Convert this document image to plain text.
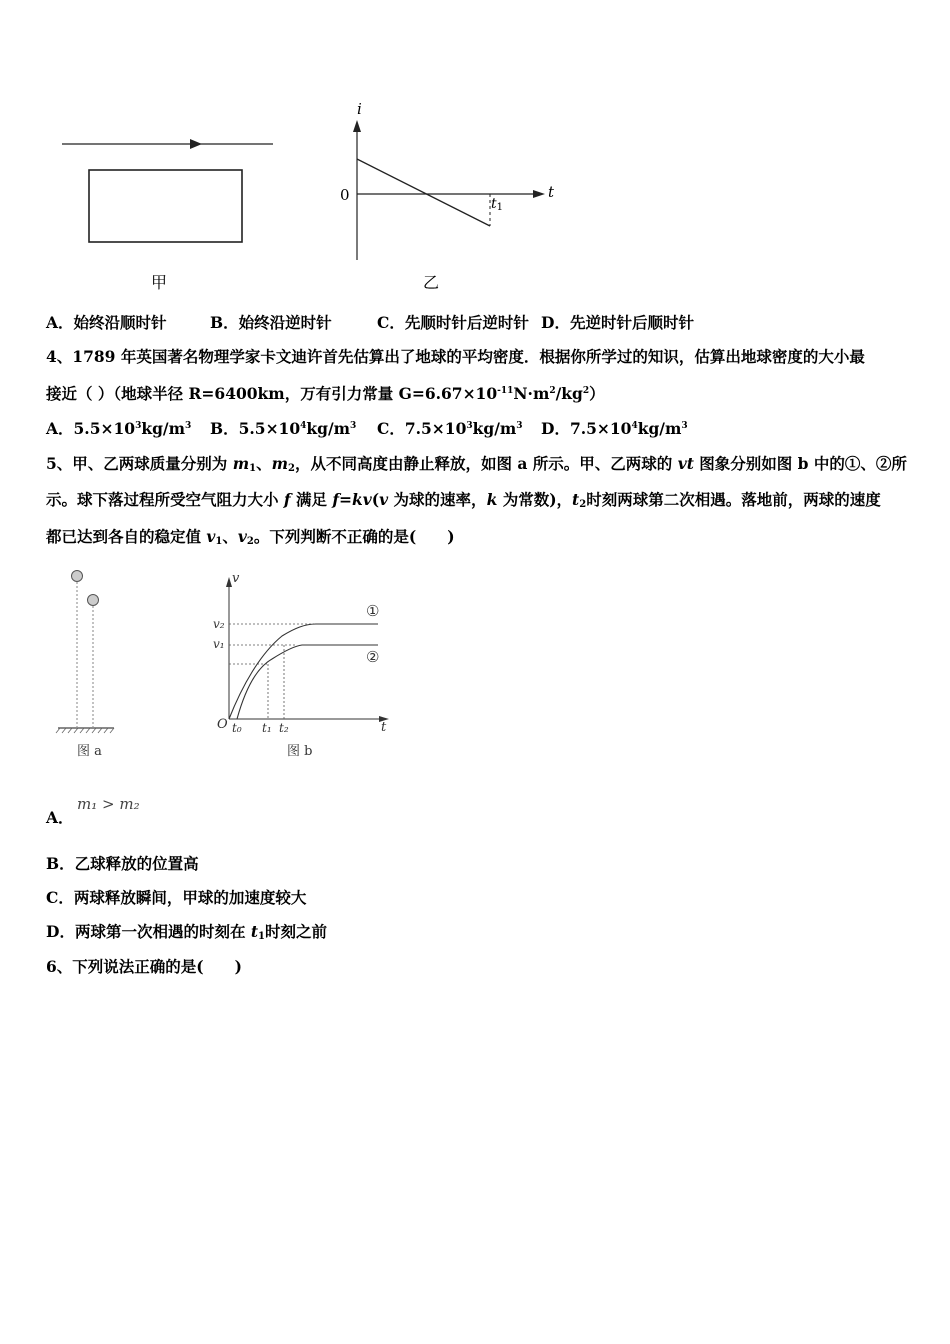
甲
i
t
0	$t_1$
乙
A．始终沿顺时针	B．始终沿逆时针	C．先顺时针后逆时针 D．先逆时针后顺时针
4、1789 年英国著名物理学家卡文迪许首先估算出了地球的平均密度．根据你所学过的知识，估算出地球密度的大小最
接近（ ）（地球半径 R=6400km，万有引力常量 $G=6.67\times 10^{-11}N\cdot m^2/kg^2$）
A．$5.5\times 10^3kg/m^3$ B．$5.5\times 10^4kg/m^3$ C．$7.5\times 10^3kg/m^3$ D．$7.5\times 10^4kg/m^3$
5、甲、乙两球质量分别为 $m_1$、$m_2$，从不同高度由静止释放，如图 a 所示。甲、乙两球的 vt 图象分别如图 b 中的①、②所
示。球下落过程所受空气阻力大小 f 满足 f=kv(v 为球的速率，k 为常数)，$t_2$时刻两球第二次相遇。落地前，两球的速度
都已达到各自的稳定值 $v_1$、$v_2$。下列判断不正确的是(　　)
图 a
v
t
O t₀ t₁ t₂
v₂
v₁
①
②
图 b
A．
m₁ > m₂
B．乙球释放的位置高
C．两球释放瞬间，甲球的加速度较大
D．两球第一次相遇的时刻在 $t_1$时刻之前
6、下列说法正确的是(　　)
